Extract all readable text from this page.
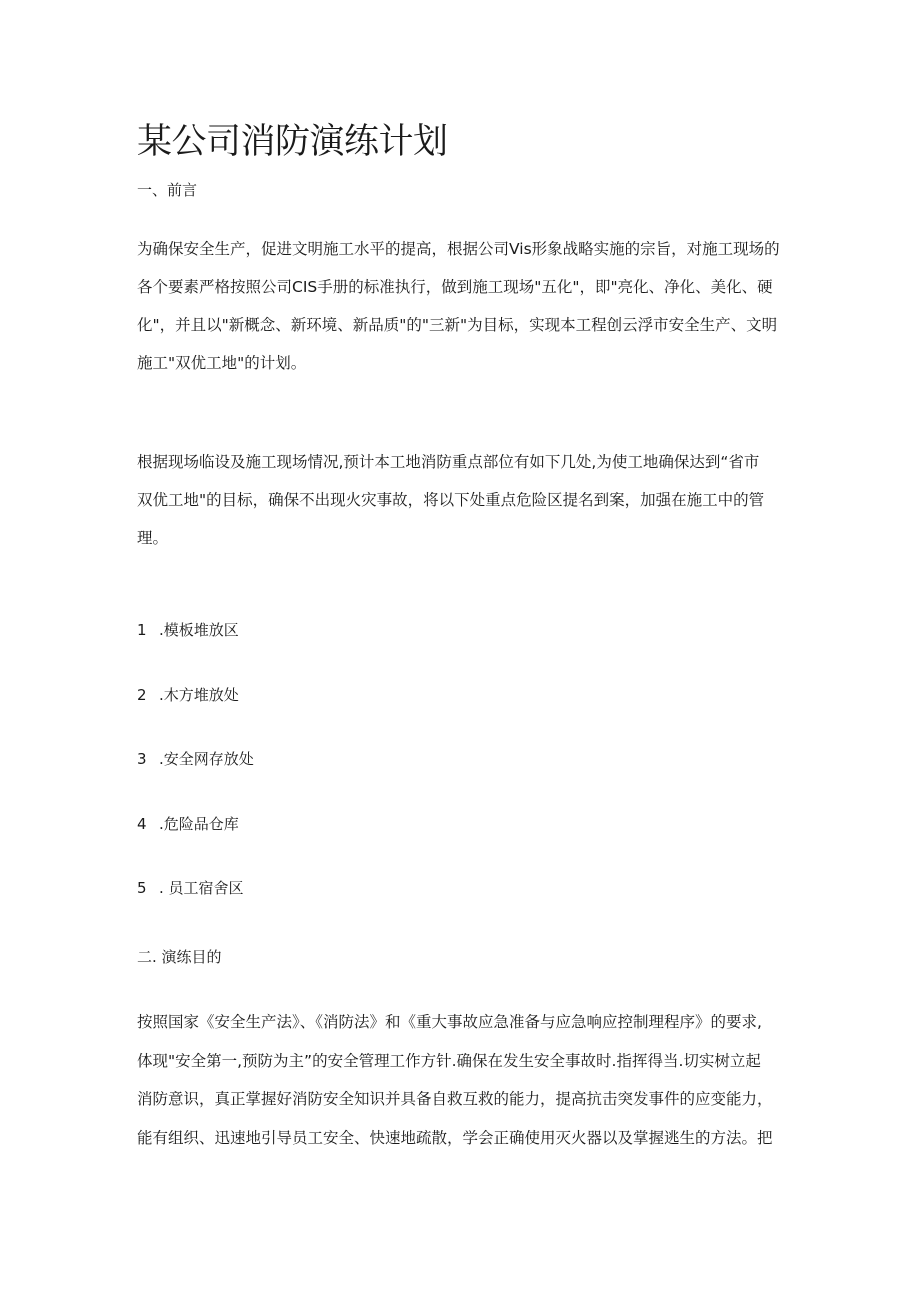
某公司消防演练计划

一、前言

为确保安全生产，促进文明施工水平的提高，根据公司Vis形象战略实施的宗旨，对施工现场的
各个要素严格按照公司CIS手册的标准执行，做到施工现场"五化"，即"亮化、净化、美化、硬
化"，并且以"新概念、新环境、新品质"的"三新"为目标，实现本工程创云浮市安全生产、文明
施工"双优工地"的计划。
根据现场临设及施工现场情况,预计本工地消防重点部位有如下几处,为使工地确保达到“省市
双优工地"的目标，确保不出现火灾事故，将以下处重点危险区提名到案，加强在施工中的管
理。

1 .模板堆放区

2 .木方堆放处

3 .安全网存放处

4 .危险品仓库

5 . 员工宿舍区

二. 演练目的

按照国家《安全生产法》、《消防法》和《重大事故应急准备与应急响应控制理程序》的要求,
体现"安全第一,预防为主”的安全管理工作方针.确保在发生安全事故时.指挥得当.切实树立起
消防意识，真正掌握好消防安全知识并具备自救互救的能力，提高抗击突发事件的应变能力，
能有组织、迅速地引导员工安全、快速地疏散，学会正确使用灭火器以及掌握逃生的方法。把
